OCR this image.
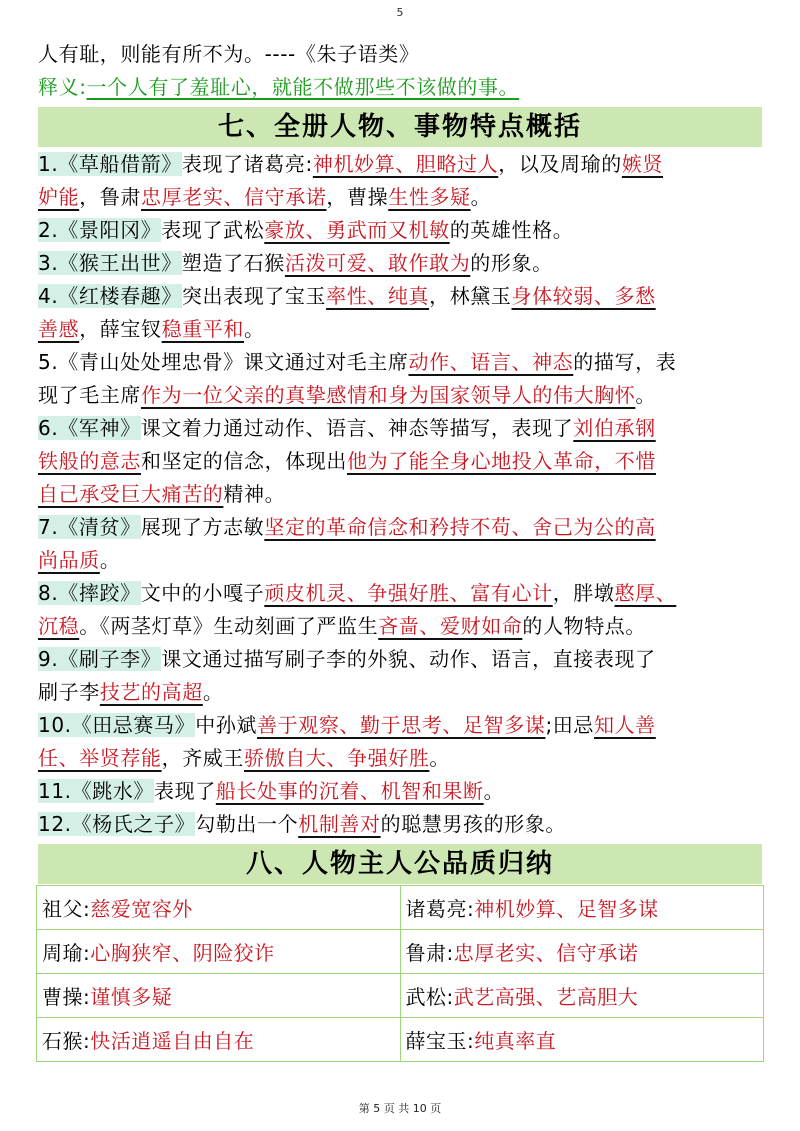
5
人有耻，则能有所不为。----《朱子语类》
释义:一个人有了羞耻心，就能不做那些不该做的事。
七、全册人物、事物特点概括
1.《草船借箭》表现了诸葛亮:神机妙算、胆略过人，以及周瑜的嫉贤
妒能，鲁肃忠厚老实、信守承诺，曹操生性多疑。
2.《景阳冈》表现了武松豪放、勇武而又机敏的英雄性格。
3.《猴王出世》塑造了石猴活泼可爱、敢作敢为的形象。
4.《红楼春趣》突出表现了宝玉率性、纯真，林黛玉身体较弱、多愁
善感，薛宝钗稳重平和。
5.《青山处处埋忠骨》课文通过对毛主席动作、语言、神态的描写，表
现了毛主席作为一位父亲的真挚感情和身为国家领导人的伟大胸怀。
6.《军神》课文着力通过动作、语言、神态等描写，表现了刘伯承钢
铁般的意志和坚定的信念，体现出他为了能全身心地投入革命，不惜
自己承受巨大痛苦的精神。
7.《清贫》展现了方志敏坚定的革命信念和矜持不苟、舍己为公的高
尚品质。
8.《摔跤》文中的小嘎子顽皮机灵、争强好胜、富有心计，胖墩憨厚、
沉稳。《两茎灯草》生动刻画了严监生吝啬、爱财如命的人物特点。
9.《刷子李》课文通过描写刷子李的外貌、动作、语言，直接表现了
刷子李技艺的高超。
10.《田忌赛马》中孙斌善于观察、勤于思考、足智多谋;田忌知人善
任、举贤荐能，齐威王骄傲自大、争强好胜。
11.《跳水》表现了船长处事的沉着、机智和果断。
12.《杨氏之子》勾勒出一个机制善对的聪慧男孩的形象。
八、人物主人公品质归纳
祖父:慈爱宽容外	诸葛亮:神机妙算、足智多谋
周瑜:心胸狭窄、阴险狡诈	鲁肃:忠厚老实、信守承诺
曹操:谨慎多疑	武松:武艺高强、艺高胆大
石猴:快活逍遥自由自在	薛宝玉:纯真率直
第 5 页 共 10 页
